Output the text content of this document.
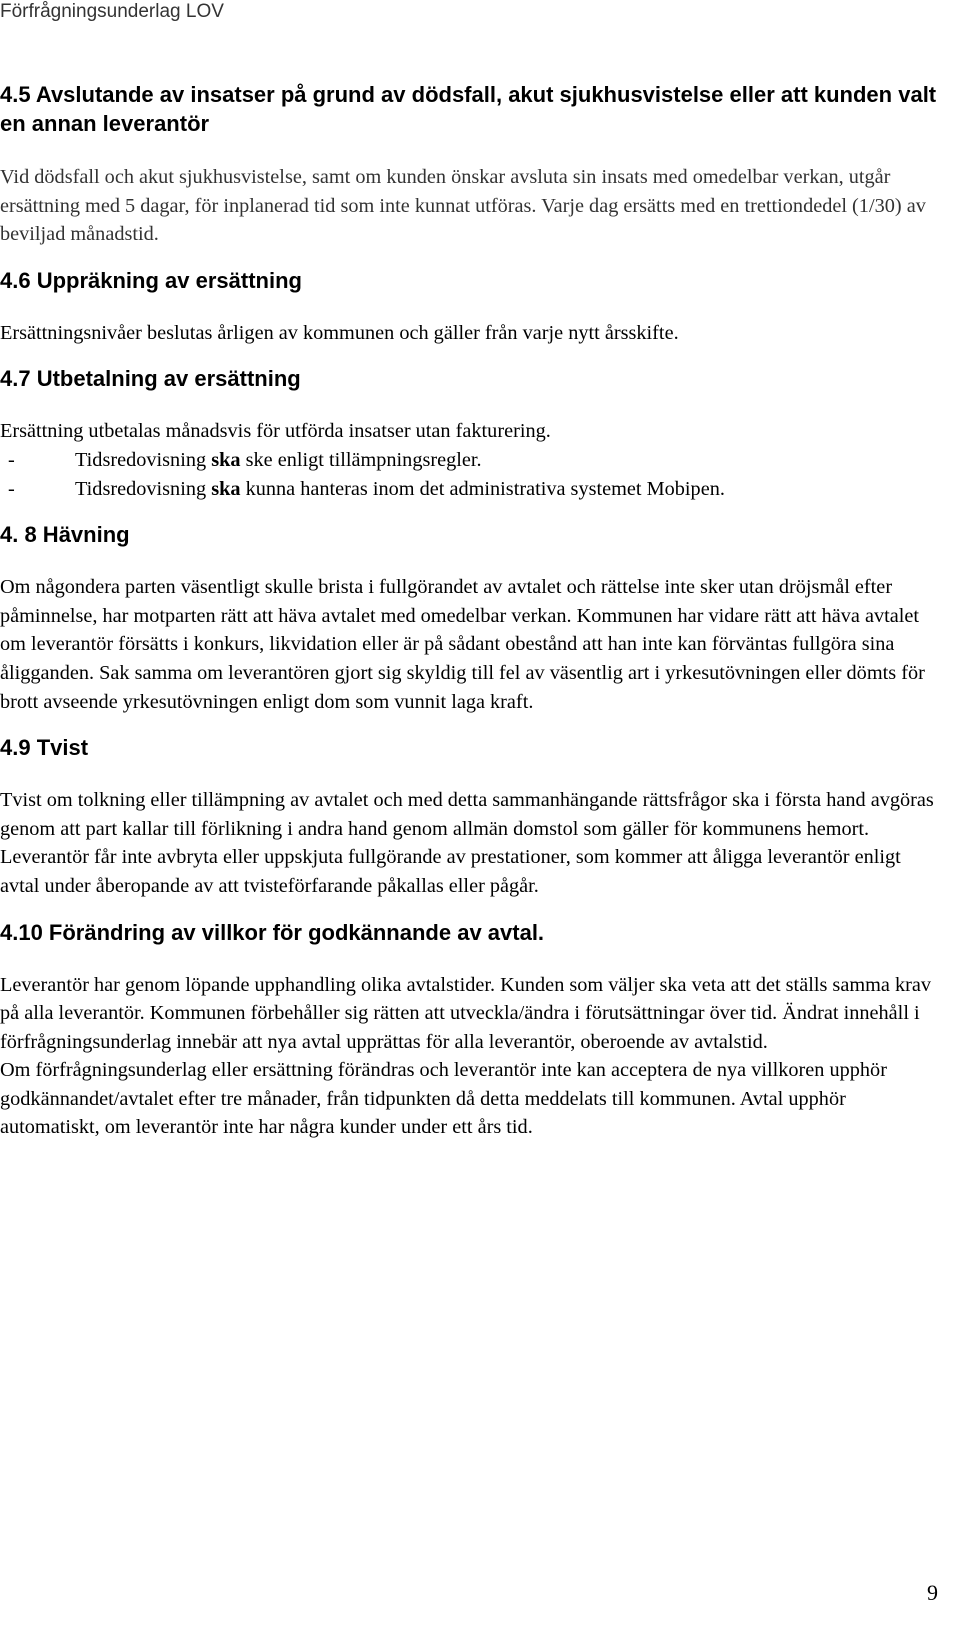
Förfrågningsunderlag LOV
4.5 Avslutande av insatser på grund av dödsfall, akut sjukhusvistelse eller att kunden valt en annan leverantör

Vid dödsfall och akut sjukhusvistelse, samt om kunden önskar avsluta sin insats med omedelbar verkan, utgår ersättning med 5 dagar, för inplanerad tid som inte kunnat utföras. Varje dag ersätts med en trettiondedel (1/30) av beviljad månadstid.

4.6 Uppräkning av ersättning

Ersättningsnivåer beslutas årligen av kommunen och gäller från varje nytt årsskifte.

4.7 Utbetalning av ersättning

Ersättning utbetalas månadsvis för utförda insatser utan fakturering.

-	Tidsredovisning ska ske enligt tillämpningsregler.
-	Tidsredovisning ska kunna hanteras inom det administrativa systemet Mobipen.
4. 8 Hävning

Om någondera parten väsentligt skulle brista i fullgörandet av avtalet och rättelse inte sker utan dröjsmål efter påminnelse, har motparten rätt att häva avtalet med omedelbar verkan. Kommunen har vidare rätt att häva avtalet om leverantör försätts i konkurs, likvidation eller är på sådant obestånd att han inte kan förväntas fullgöra sina åligganden. Sak samma om leverantören gjort sig skyldig till fel av väsentlig art i yrkesutövningen eller dömts för brott avseende yrkesutövningen enligt dom som vunnit laga kraft.

4.9 Tvist

Tvist om tolkning eller tillämpning av avtalet och med detta sammanhängande rättsfrågor ska i första hand avgöras genom att part kallar till förlikning i andra hand genom allmän domstol som gäller för kommunens hemort. Leverantör får inte avbryta eller uppskjuta fullgörande av prestationer, som kommer att åligga leverantör enligt avtal under åberopande av att tvisteförfarande påkallas eller pågår.

4.10 Förändring av villkor för godkännande av avtal.

Leverantör har genom löpande upphandling olika avtalstider. Kunden som väljer ska veta att det ställs samma krav på alla leverantör. Kommunen förbehåller sig rätten att utveckla/ändra i förutsättningar över tid. Ändrat innehåll i förfrågningsunderlag innebär att nya avtal upprättas för alla leverantör, oberoende av avtalstid.

Om förfrågningsunderlag eller ersättning förändras och leverantör inte kan acceptera de nya villkoren upphör godkännandet/avtalet efter tre månader, från tidpunkten då detta meddelats till kommunen. Avtal upphör automatiskt, om leverantör inte har några kunder under ett års tid.

9
